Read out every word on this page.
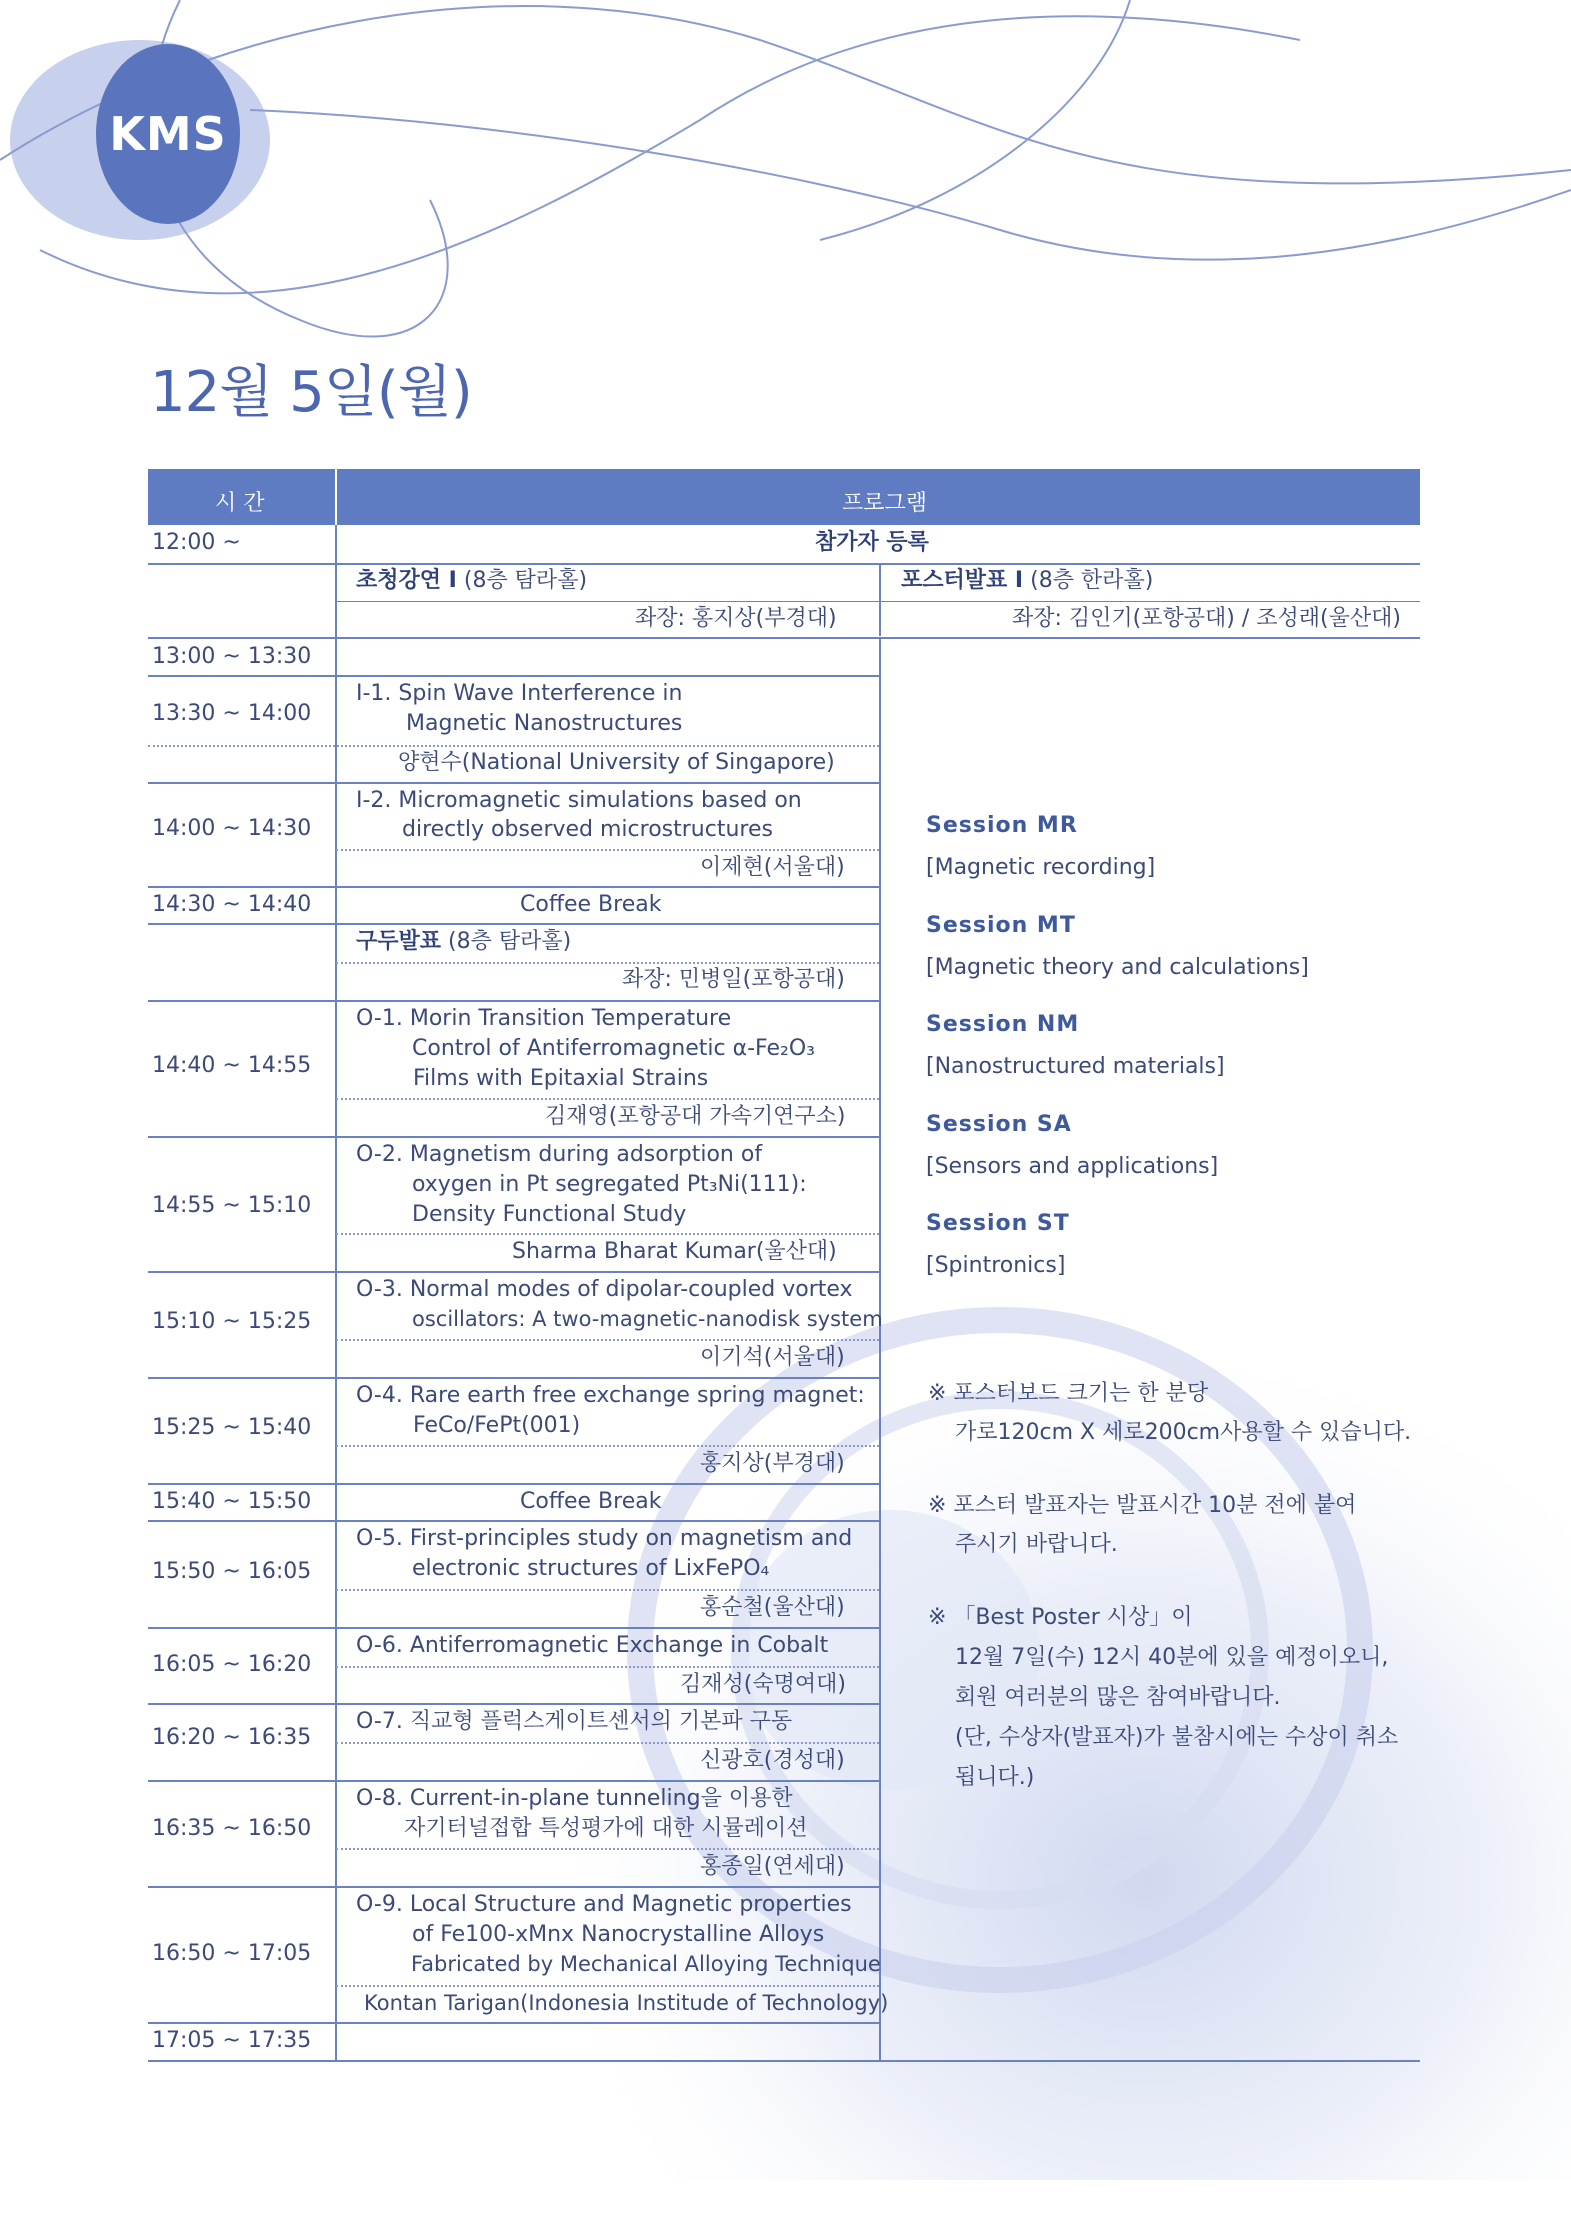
KMS
12월 5일(월)
시 간	프로그램
12:00 ~	참가자 등록
초청강연 I (8층 탐라홀)
좌장: 홍지상(부경대)
포스터발표 I (8층 한라홀)
좌장: 김인기(포항공대) / 조성래(울산대)
13:00 ~ 13:30
13:30 ~ 14:00
14:00 ~ 14:30
14:30 ~ 14:40
14:40 ~ 14:55
14:55 ~ 15:10
15:10 ~ 15:25
15:25 ~ 15:40
15:40 ~ 15:50
15:50 ~ 16:05
16:05 ~ 16:20
16:20 ~ 16:35
16:35 ~ 16:50
16:50 ~ 17:05
17:05 ~ 17:35
I-1. Spin Wave Interference in
Magnetic Nanostructures
양현수(National University of Singapore)
I-2. Micromagnetic simulations based on
directly observed microstructures
이제현(서울대)
Coffee Break
구두발표 (8층 탐라홀)
좌장: 민병일(포항공대)
O-1. Morin Transition Temperature
Control of Antiferromagnetic α-Fe₂O₃
Films with Epitaxial Strains
김재영(포항공대 가속기연구소)
O-2. Magnetism during adsorption of
oxygen in Pt segregated Pt₃Ni(111):
Density Functional Study
Sharma Bharat Kumar(울산대)
O-3. Normal modes of dipolar-coupled vortex
oscillators: A two-magnetic-nanodisk system
이기석(서울대)
O-4. Rare earth free exchange spring magnet:
FeCo/FePt(001)
홍지상(부경대)
Coffee Break
O-5. First-principles study on magnetism and
electronic structures of LixFePO₄
홍순철(울산대)
O-6. Antiferromagnetic Exchange in Cobalt
김재성(숙명여대)
O-7. 직교형 플럭스게이트센서의 기본파 구동
신광호(경성대)
O-8. Current-in-plane tunneling을 이용한
자기터널접합 특성평가에 대한 시뮬레이션
홍종일(연세대)
O-9. Local Structure and Magnetic properties
of Fe100-xMnx Nanocrystalline Alloys
Fabricated by Mechanical Alloying Technique
Kontan Tarigan(Indonesia Institude of Technology)
Session MR
[Magnetic recording]
Session MT
[Magnetic theory and calculations]
Session NM
[Nanostructured materials]
Session SA
[Sensors and applications]
Session ST
[Spintronics]
※ 포스터보드 크기는 한 분당
가로120cm X 세로200cm사용할 수 있습니다.
※ 포스터 발표자는 발표시간 10분 전에 붙여
주시기 바랍니다.
※ 「Best Poster 시상」이
12월 7일(수) 12시 40분에 있을 예정이오니,
회원 여러분의 많은 참여바랍니다.
(단, 수상자(발표자)가 불참시에는 수상이 취소
됩니다.)
